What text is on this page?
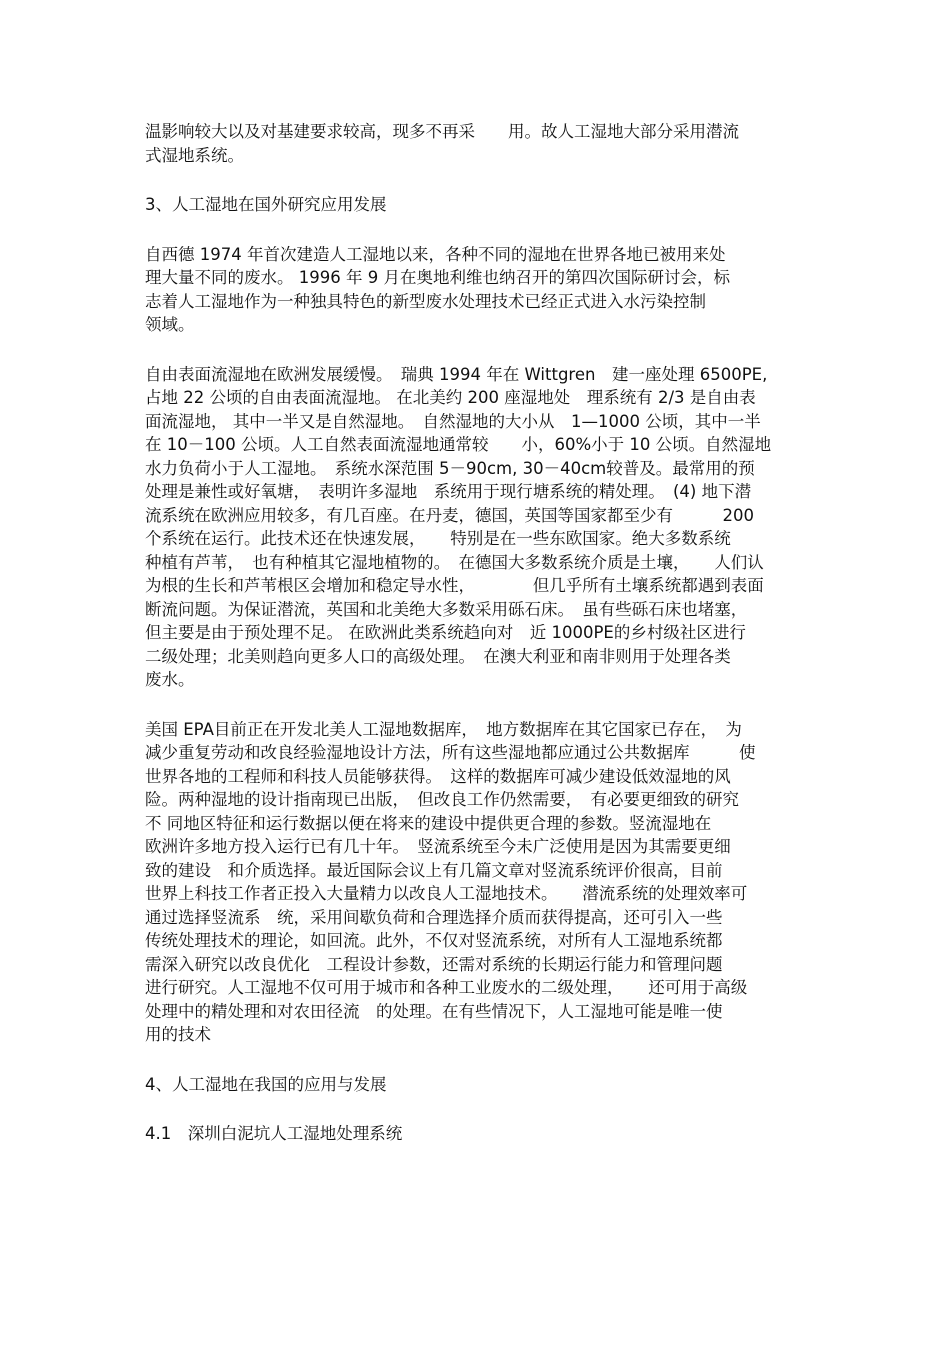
温影响较大以及对基建要求较高，现多不再采　　用。故人工湿地大部分采用潜流
式湿地系统。
3、人工湿地在国外研究应用发展
自西德 1974 年首次建造人工湿地以来，各种不同的湿地在世界各地已被用来处
理大量不同的废水。 1996 年 9 月在奥地利维也纳召开的第四次国际研讨会，标
志着人工湿地作为一种独具特色的新型废水处理技术已经正式进入水污染控制
领域。
自由表面流湿地在欧洲发展缓慢。　瑞典 1994 年在 Wittgren　建一座处理 6500PE,
占地 22 公顷的自由表面流湿地。 在北美约 200 座湿地处　理系统有 2/3 是自由表
面流湿地， 其中一半又是自然湿地。　自然湿地的大小从　1—1000 公顷，其中一半
在 10－100 公顷。人工自然表面流湿地通常较　　小，60%小于 10 公顷。自然湿地
水力负荷小于人工湿地。　系统水深范围 5－90cm, 30－40cm较普及。最常用的预
处理是兼性或好氧塘，　表明许多湿地　系统用于现行塘系统的精处理。　(4) 地下潜
流系统在欧洲应用较多，有几百座。在丹麦，德国，英国等国家都至少有　　　200
个系统在运行。此技术还在快速发展，　　特别是在一些东欧国家。绝大多数系统
种植有芦苇，　也有种植其它湿地植物的。　在德国大多数系统介质是土壤，　　人们认
为根的生长和芦苇根区会增加和稳定导水性，　　　　但几乎所有土壤系统都遇到表面
断流问题。为保证潜流，英国和北美绝大多数采用砾石床。　虽有些砾石床也堵塞，
但主要是由于预处理不足。 在欧洲此类系统趋向对　近 1000PE的乡村级社区进行
二级处理；北美则趋向更多人口的高级处理。　在澳大利亚和南非则用于处理各类
废水。
美国 EPA目前正在开发北美人工湿地数据库，　地方数据库在其它国家已存在，　为
减少重复劳动和改良经验湿地设计方法，所有这些湿地都应通过公共数据库　　　使
世界各地的工程师和科技人员能够获得。　这样的数据库可减少建设低效湿地的风
险。两种湿地的设计指南现已出版，　但改良工作仍然需要，　有必要更细致的研究
不 同地区特征和运行数据以便在将来的建设中提供更合理的参数。竖流湿地在
欧洲许多地方投入运行已有几十年。　竖流系统至今未广泛使用是因为其需要更细
致的建设　和介质选择。最近国际会议上有几篇文章对竖流系统评价很高，目前
世界上科技工作者正投入大量精力以改良人工湿地技术。　　潜流系统的处理效率可
通过选择竖流系　统，采用间歇负荷和合理选择介质而获得提高，还可引入一些
传统处理技术的理论，如回流。此外，不仅对竖流系统，对所有人工湿地系统都
需深入研究以改良优化　工程设计参数，还需对系统的长期运行能力和管理问题
进行研究。人工湿地不仅可用于城市和各种工业废水的二级处理，　　还可用于高级
处理中的精处理和对农田径流　的处理。在有些情况下，人工湿地可能是唯一使
用的技术
4、人工湿地在我国的应用与发展
4.1　深圳白泥坑人工湿地处理系统
